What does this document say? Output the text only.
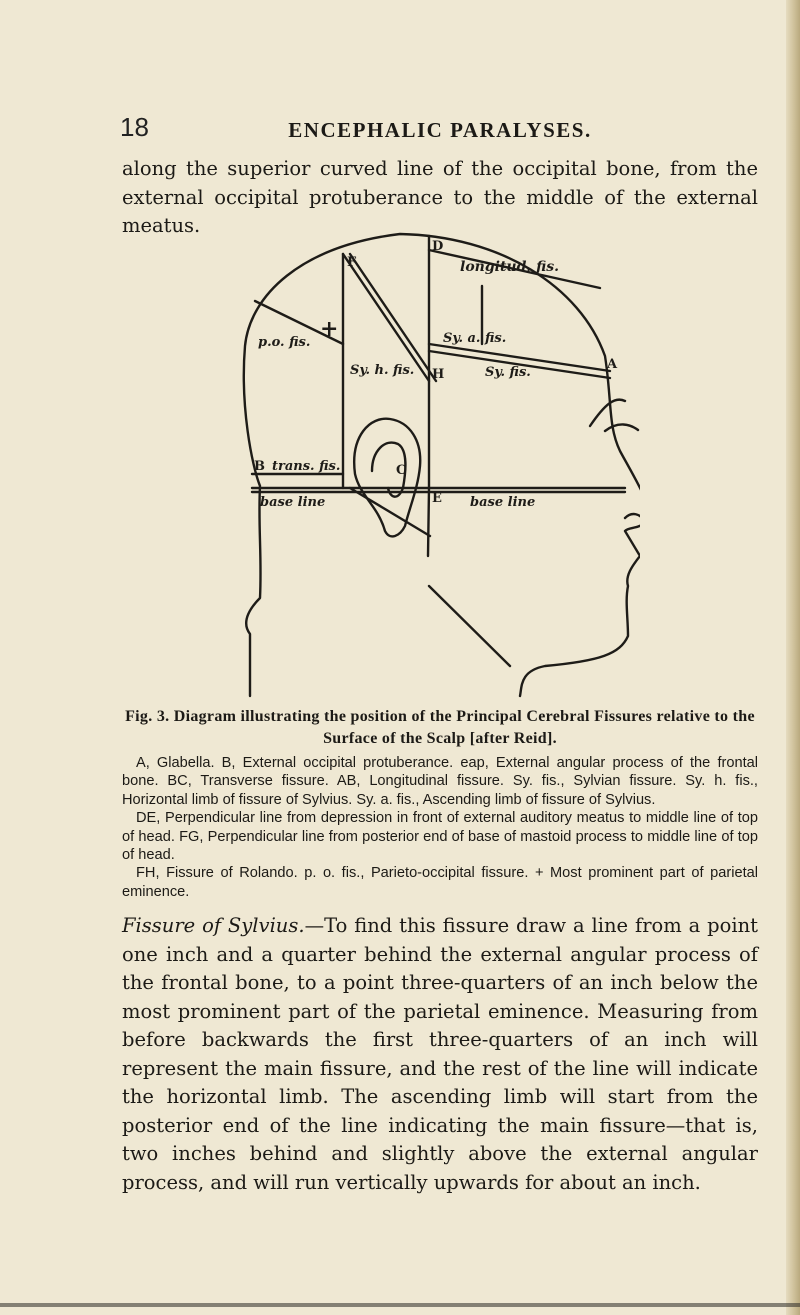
18	ENCEPHALIC PARALYSES.

along the superior curved line of the occipital bone, from the external occipital protuberance to the middle of the external meatus.

D
F
B
H
A
C
E
+
longitud. fis.
p.o. fis.	Sy. a. fis.
Sy. h. fis.	Sy. fis.
trans. fis.
base line	base line

Fig. 3. Diagram illustrating the position of the Principal Cerebral Fissures relative to the Surface of the Scalp [after Reid].

A, Glabella. B, External occipital protuberance. eap, External angular process of the frontal bone. BC, Transverse fissure. AB, Longitudinal fissure. Sy. fis., Sylvian fissure. Sy. h. fis., Horizontal limb of fissure of Sylvius. Sy. a. fis., Ascending limb of fissure of Sylvius.

DE, Perpendicular line from depression in front of external auditory meatus to middle line of top of head. FG, Perpendicular line from posterior end of base of mastoid process to middle line of top of head.

FH, Fissure of Rolando. p. o. fis., Parieto-occipital fissure. + Most prominent part of parietal eminence.

Fissure of Sylvius.—To find this fissure draw a line from a point one inch and a quarter behind the external angular process of the frontal bone, to a point three-quarters of an inch below the most prominent part of the parietal eminence. Measuring from before backwards the first three-quarters of an inch will represent the main fissure, and the rest of the line will indicate the horizontal limb. The ascending limb will start from the posterior end of the line indicating the main fissure—that is, two inches behind and slightly above the external angular process, and will run vertically upwards for about an inch.
